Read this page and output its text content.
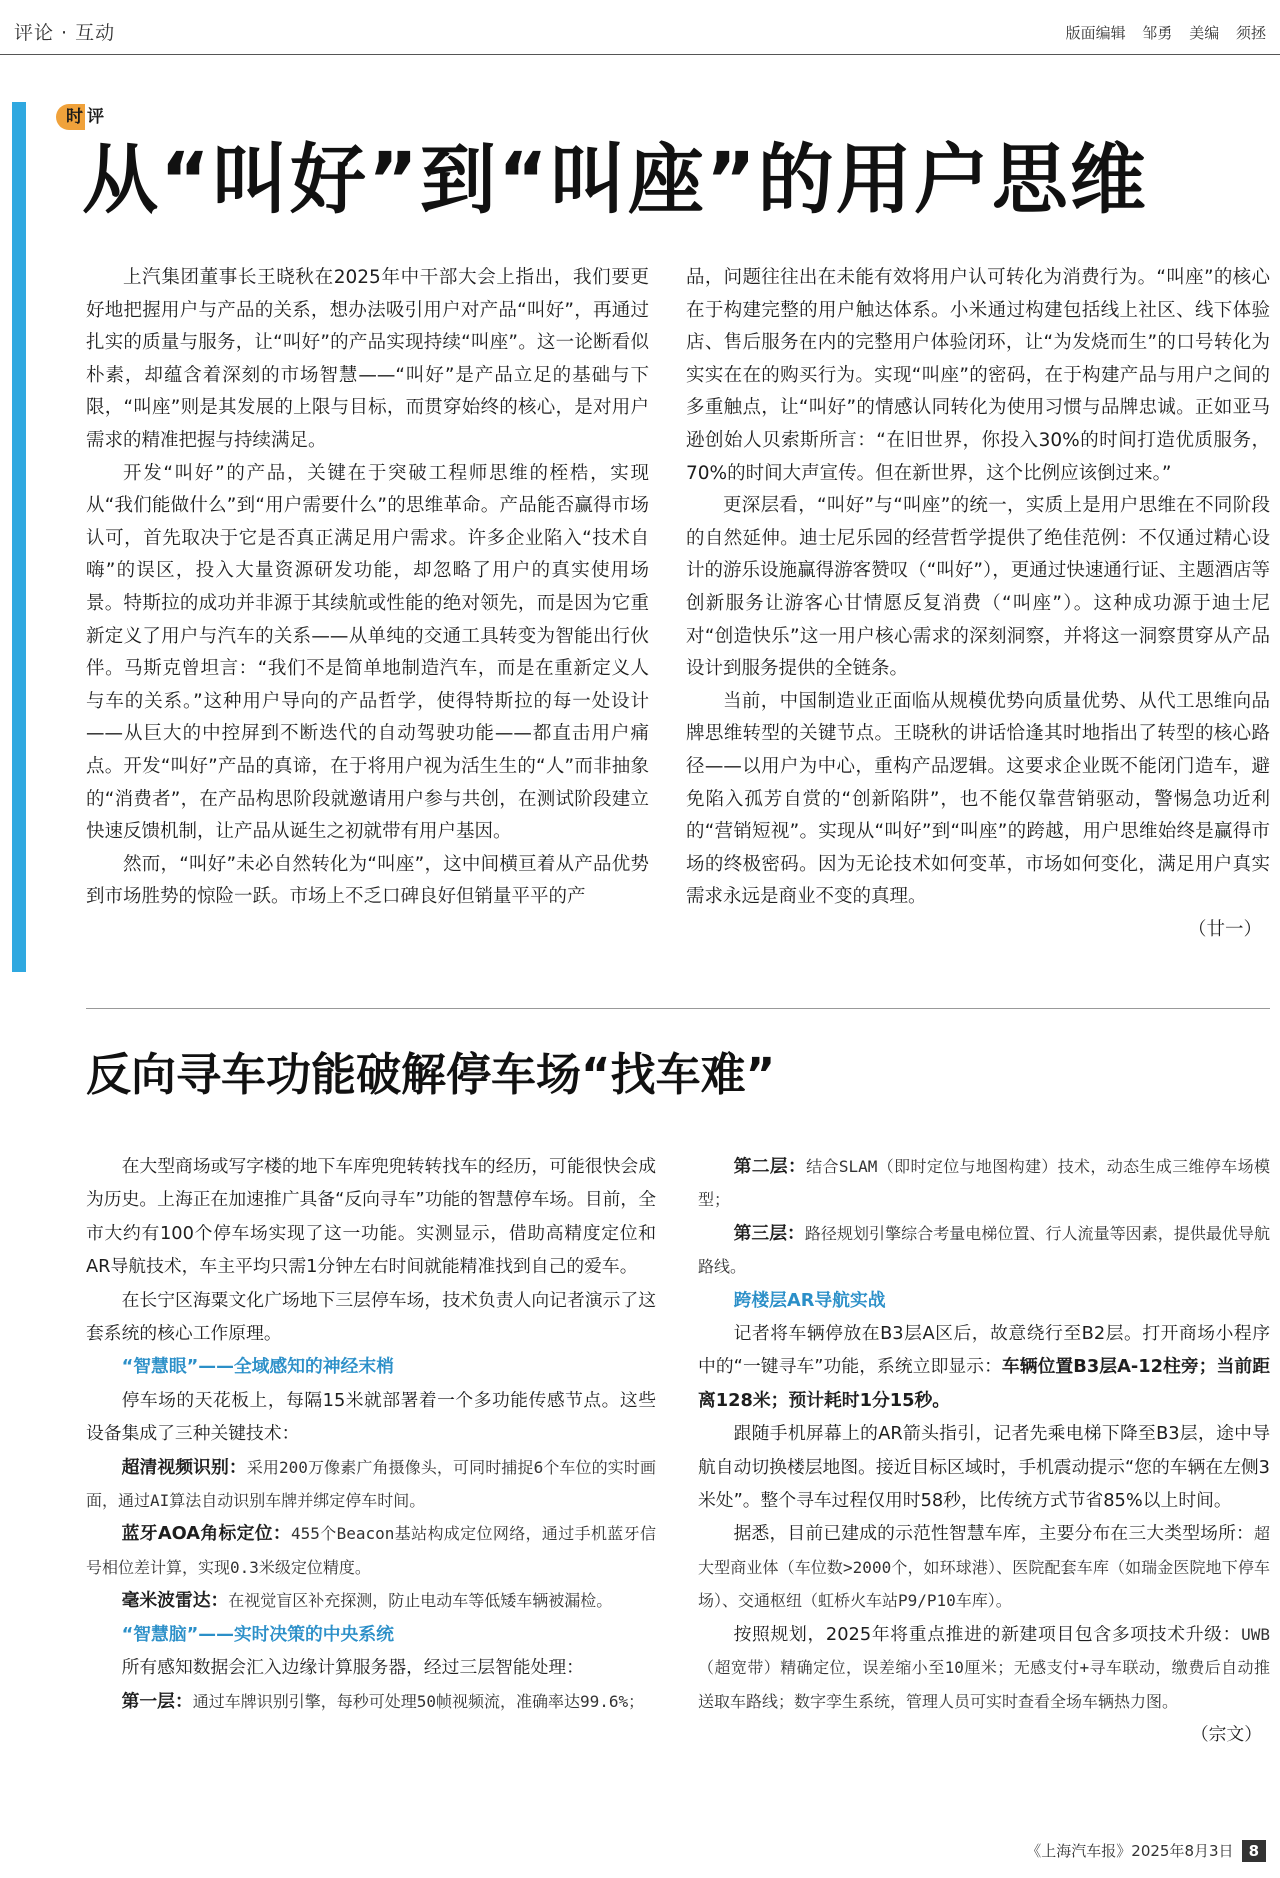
评论 · 互动	版面编辑 邹勇 美编 须拯
时 评
从“叫好”到“叫座”的用户思维

上汽集团董事长王晓秋在2025年中干部大会上指出，我们要更好地把握用户与产品的关系，想办法吸引用户对产品“叫好”，再通过扎实的质量与服务，让“叫好”的产品实现持续“叫座”。这一论断看似朴素，却蕴含着深刻的市场智慧——“叫好”是产品立足的基础与下限，“叫座”则是其发展的上限与目标，而贯穿始终的核心，是对用户需求的精准把握与持续满足。

开发“叫好”的产品，关键在于突破工程师思维的桎梏，实现从“我们能做什么”到“用户需要什么”的思维革命。产品能否赢得市场认可，首先取决于它是否真正满足用户需求。许多企业陷入“技术自嗨”的误区，投入大量资源研发功能，却忽略了用户的真实使用场景。特斯拉的成功并非源于其续航或性能的绝对领先，而是因为它重新定义了用户与汽车的关系——从单纯的交通工具转变为智能出行伙伴。马斯克曾坦言：“我们不是简单地制造汽车，而是在重新定义人与车的关系。”这种用户导向的产品哲学，使得特斯拉的每一处设计——从巨大的中控屏到不断迭代的自动驾驶功能——都直击用户痛点。开发“叫好”产品的真谛，在于将用户视为活生生的“人”而非抽象的“消费者”，在产品构思阶段就邀请用户参与共创，在测试阶段建立快速反馈机制，让产品从诞生之初就带有用户基因。

然而，“叫好”未必自然转化为“叫座”，这中间横亘着从产品优势到市场胜势的惊险一跃。市场上不乏口碑良好但销量平平的产

品，问题往往出在未能有效将用户认可转化为消费行为。“叫座”的核心在于构建完整的用户触达体系。小米通过构建包括线上社区、线下体验店、售后服务在内的完整用户体验闭环，让“为发烧而生”的口号转化为实实在在的购买行为。实现“叫座”的密码，在于构建产品与用户之间的多重触点，让“叫好”的情感认同转化为使用习惯与品牌忠诚。正如亚马逊创始人贝索斯所言：“在旧世界，你投入30%的时间打造优质服务，70%的时间大声宣传。但在新世界，这个比例应该倒过来。”

更深层看，“叫好”与“叫座”的统一，实质上是用户思维在不同阶段的自然延伸。迪士尼乐园的经营哲学提供了绝佳范例：不仅通过精心设计的游乐设施赢得游客赞叹（“叫好”），更通过快速通行证、主题酒店等创新服务让游客心甘情愿反复消费（“叫座”）。这种成功源于迪士尼对“创造快乐”这一用户核心需求的深刻洞察，并将这一洞察贯穿从产品设计到服务提供的全链条。

当前，中国制造业正面临从规模优势向质量优势、从代工思维向品牌思维转型的关键节点。王晓秋的讲话恰逢其时地指出了转型的核心路径——以用户为中心，重构产品逻辑。这要求企业既不能闭门造车，避免陷入孤芳自赏的“创新陷阱”，也不能仅靠营销驱动，警惕急功近利的“营销短视”。实现从“叫好”到“叫座”的跨越，用户思维始终是赢得市场的终极密码。因为无论技术如何变革，市场如何变化，满足用户真实需求永远是商业不变的真理。

（廿一）

反向寻车功能破解停车场“找车难”

在大型商场或写字楼的地下车库兜兜转转找车的经历，可能很快会成为历史。上海正在加速推广具备“反向寻车”功能的智慧停车场。目前，全市大约有100个停车场实现了这一功能。实测显示，借助高精度定位和AR导航技术，车主平均只需1分钟左右时间就能精准找到自己的爱车。

在长宁区海粟文化广场地下三层停车场，技术负责人向记者演示了这套系统的核心工作原理。

“智慧眼”——全域感知的神经末梢

停车场的天花板上，每隔15米就部署着一个多功能传感节点。这些设备集成了三种关键技术：

超清视频识别：采用200万像素广角摄像头，可同时捕捉6个车位的实时画面，通过AI算法自动识别车牌并绑定停车时间。

蓝牙AOA角标定位：455个Beacon基站构成定位网络，通过手机蓝牙信号相位差计算，实现0.3米级定位精度。

毫米波雷达：在视觉盲区补充探测，防止电动车等低矮车辆被漏检。

“智慧脑”——实时决策的中央系统

所有感知数据会汇入边缘计算服务器，经过三层智能处理：

第一层：通过车牌识别引擎，每秒可处理50帧视频流，准确率达99.6%；

第二层：结合SLAM（即时定位与地图构建）技术，动态生成三维停车场模型；

第三层：路径规划引擎综合考量电梯位置、行人流量等因素，提供最优导航路线。

跨楼层AR导航实战

记者将车辆停放在B3层A区后，故意绕行至B2层。打开商场小程序中的“一键寻车”功能，系统立即显示：车辆位置B3层A-12柱旁；当前距离128米；预计耗时1分15秒。

跟随手机屏幕上的AR箭头指引，记者先乘电梯下降至B3层，途中导航自动切换楼层地图。接近目标区域时，手机震动提示“您的车辆在左侧3米处”。整个寻车过程仅用时58秒，比传统方式节省85%以上时间。

据悉，目前已建成的示范性智慧车库，主要分布在三大类型场所：超大型商业体（车位数>2000个，如环球港）、医院配套车库（如瑞金医院地下停车场）、交通枢纽（虹桥火车站P9/P10车库）。

按照规划，2025年将重点推进的新建项目包含多项技术升级：UWB（超宽带）精确定位，误差缩小至10厘米；无感支付+寻车联动，缴费后自动推送取车路线；数字孪生系统，管理人员可实时查看全场车辆热力图。

（宗文）

《上海汽车报》2025年8月3日 8
